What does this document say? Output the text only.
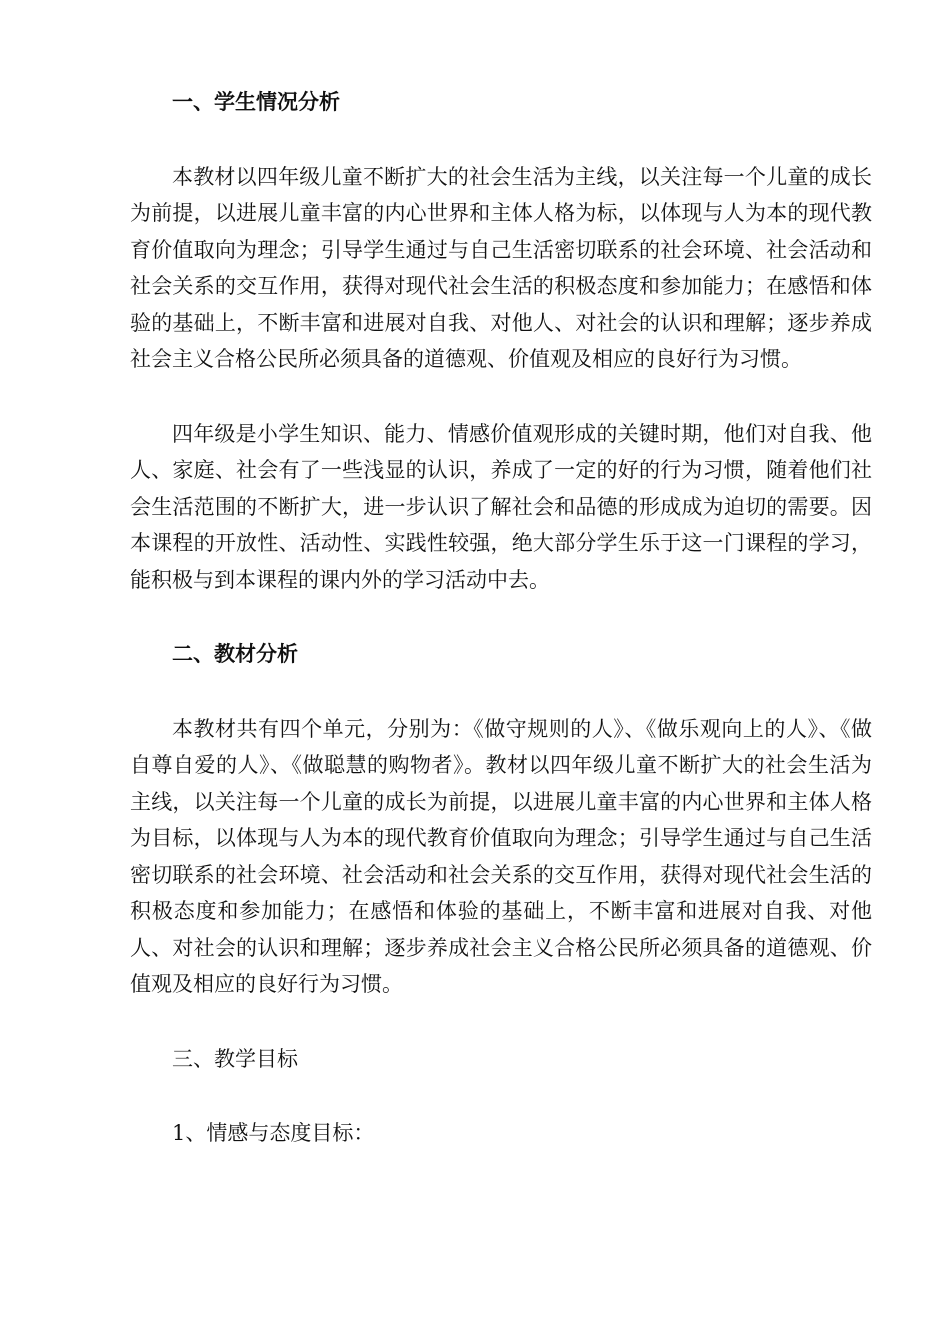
一、学生情况分析

本教材以四年级儿童不断扩大的社会生活为主线，以关注每一个儿童的成长为前提，以进展儿童丰富的内心世界和主体人格为标，以体现与人为本的现代教育价值取向为理念；引导学生通过与自己生活密切联系的社会环境、社会活动和社会关系的交互作用，获得对现代社会生活的积极态度和参加能力；在感悟和体验的基础上，不断丰富和进展对自我、对他人、对社会的认识和理解；逐步养成社会主义合格公民所必须具备的道德观、价值观及相应的良好行为习惯。

四年级是小学生知识、能力、情感价值观形成的关键时期，他们对自我、他人、家庭、社会有了一些浅显的认识，养成了一定的好的行为习惯，随着他们社会生活范围的不断扩大，进一步认识了解社会和品德的形成成为迫切的需要。因本课程的开放性、活动性、实践性较强，绝大部分学生乐于这一门课程的学习，能积极与到本课程的课内外的学习活动中去。

二、教材分析

本教材共有四个单元，分别为：《做守规则的人》、《做乐观向上的人》、《做自尊自爱的人》、《做聪慧的购物者》。教材以四年级儿童不断扩大的社会生活为主线，以关注每一个儿童的成长为前提，以进展儿童丰富的内心世界和主体人格为目标，以体现与人为本的现代教育价值取向为理念；引导学生通过与自己生活密切联系的社会环境、社会活动和社会关系的交互作用，获得对现代社会生活的积极态度和参加能力；在感悟和体验的基础上，不断丰富和进展对自我、对他人、对社会的认识和理解；逐步养成社会主义合格公民所必须具备的道德观、价值观及相应的良好行为习惯。

三、教学目标
1、情感与态度目标：
